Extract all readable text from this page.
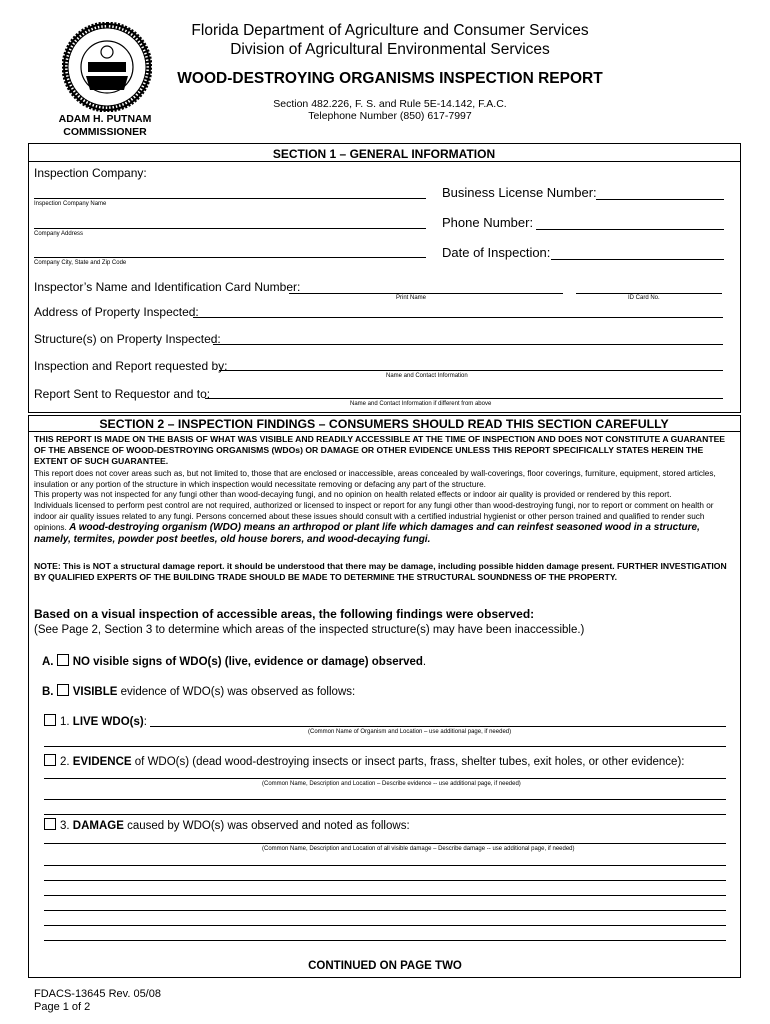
Florida Department of Agriculture and Consumer Services
Division of Agricultural Environmental Services
WOOD-DESTROYING ORGANISMS INSPECTION REPORT
Section 482.226, F. S. and Rule 5E-14.142, F.A.C.
Telephone Number (850) 617-7997
ADAM H. PUTNAM
COMMISSIONER
SECTION 1 – GENERAL INFORMATION
Inspection Company:
Inspection Company Name
Company Address
Company City, State and Zip Code
Business License Number:
Phone Number:
Date of Inspection:
Inspector’s Name and Identification Card Number:
Print Name	ID Card No.
Address of Property Inspected:
Structure(s) on Property Inspected:
Inspection and Report requested by:
Name and Contact Information
Report Sent to Requestor and to:
Name and Contact Information if different from above
SECTION 2 – INSPECTION FINDINGS – CONSUMERS SHOULD READ THIS SECTION CAREFULLY
THIS REPORT IS MADE ON THE BASIS OF WHAT WAS VISIBLE AND READILY ACCESSIBLE AT THE TIME OF INSPECTION AND DOES NOT CONSTITUTE A GUARANTEE OF THE ABSENCE OF WOOD-DESTROYING ORGANISMS (WDOs) OR DAMAGE OR OTHER EVIDENCE UNLESS THIS REPORT SPECIFICALLY STATES HEREIN THE EXTENT OF SUCH GUARANTEE.
This report does not cover areas such as, but not limited to, those that are enclosed or inaccessible, areas concealed by wall-coverings, floor coverings, furniture, equipment, stored articles, insulation or any portion of the structure in which inspection would necessitate removing or defacing any part of the structure.
This property was not inspected for any fungi other than wood-decaying fungi, and no opinion on health related effects or indoor air quality is provided or rendered by this report.
Individuals licensed to perform pest control are not required, authorized or licensed to inspect or report for any fungi other than wood-destroying fungi, nor to report or comment on health or indoor air quality issues related to any fungi. Persons concerned about these issues should consult with a certified industrial hygienist or other person trained and qualified to render such opinions. A wood-destroying organism (WDO) means an arthropod or plant life which damages and can reinfest seasoned wood in a structure, namely, termites, powder post beetles, old house borers, and wood-decaying fungi.
NOTE: This is NOT a structural damage report. it should be understood that there may be damage, including possible hidden damage present. FURTHER INVESTIGATION BY QUALIFIED EXPERTS OF THE BUILDING TRADE SHOULD BE MADE TO DETERMINE THE STRUCTURAL SOUNDNESS OF THE PROPERTY.
Based on a visual inspection of accessible areas, the following findings were observed:
(See Page 2, Section 3 to determine which areas of the inspected structure(s) may have been inaccessible.)
A. NO visible signs of WDO(s) (live, evidence or damage) observed.
B. VISIBLE evidence of WDO(s) was observed as follows:
1. LIVE WDO(s):
(Common Name of Organism and Location – use additional page, if needed)
2. EVIDENCE of WDO(s) (dead wood-destroying insects or insect parts, frass, shelter tubes, exit holes, or other evidence):
(Common Name, Description and Location – Describe evidence -- use additional page, if needed)
3. DAMAGE caused by WDO(s) was observed and noted as follows:
(Common Name, Description and Location of all visible damage – Describe damage -- use additional page, if needed)
CONTINUED ON PAGE TWO
FDACS-13645 Rev. 05/08
Page 1 of 2
